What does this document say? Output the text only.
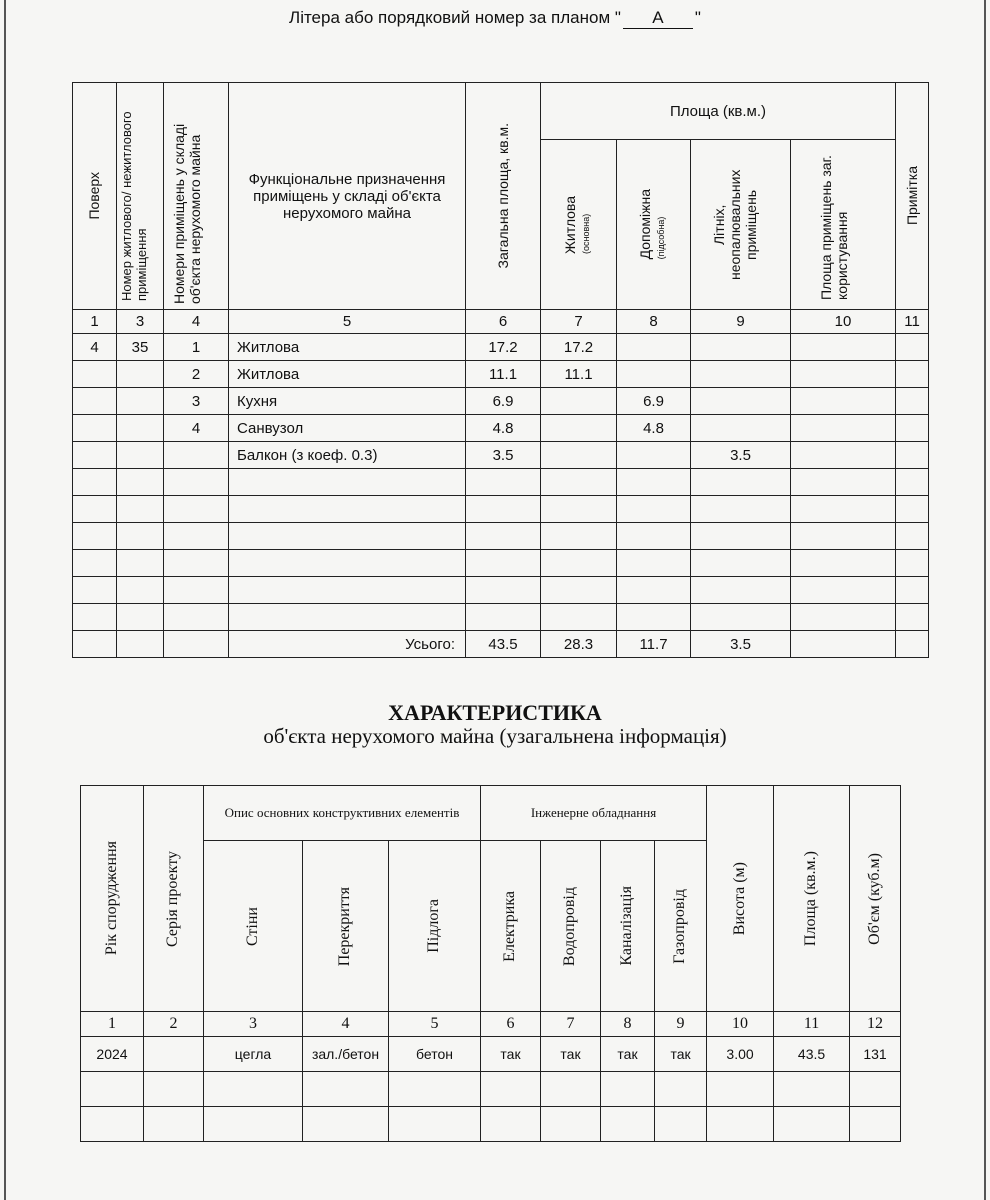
Літера або порядковий номер за планом " А "
Поверх	Номер житлового/ нежитлового приміщення	Номери приміщень у складі об'єкта нерухомого майна	Функціональне призначення приміщень у складі об'єкта нерухомого майна	Загальна площа, кв.м.	Площа (кв.м.)				Примітка

					Житлова (основна)	Допоміжна (підсобна)	Літніх, неопалювальних приміщень	Площа приміщень заг. користування	

1	3	4	5	6	7	8	9	10	11
4	35	1	Житлова	17.2	17.2				
		2	Житлова	11.1	11.1				
		3	Кухня	6.9		6.9			
		4	Санвузол	4.8		4.8			
			Балкон (з коеф. 0.3)	3.5			3.5		

			Усього:	43.5	28.3	11.7	3.5		
ХАРАКТЕРИСТИКА
об'єкта нерухомого майна (узагальнена інформація)
Рік спорудження	Серія проекту	Опис основних конструктивних елементів			Інженерне обладнання				Висота (м)	Площа (кв.м.)	Об'єм (куб.м)

		Стіни	Перекриття	Підлога	Електрика	Водопровід	Каналізація	Газопровід			

1	2	3	4	5	6	7	8	9	10	11	12
2024		цегла	зал./бетон	бетон	так	так	так	так	3.00	43.5	131
